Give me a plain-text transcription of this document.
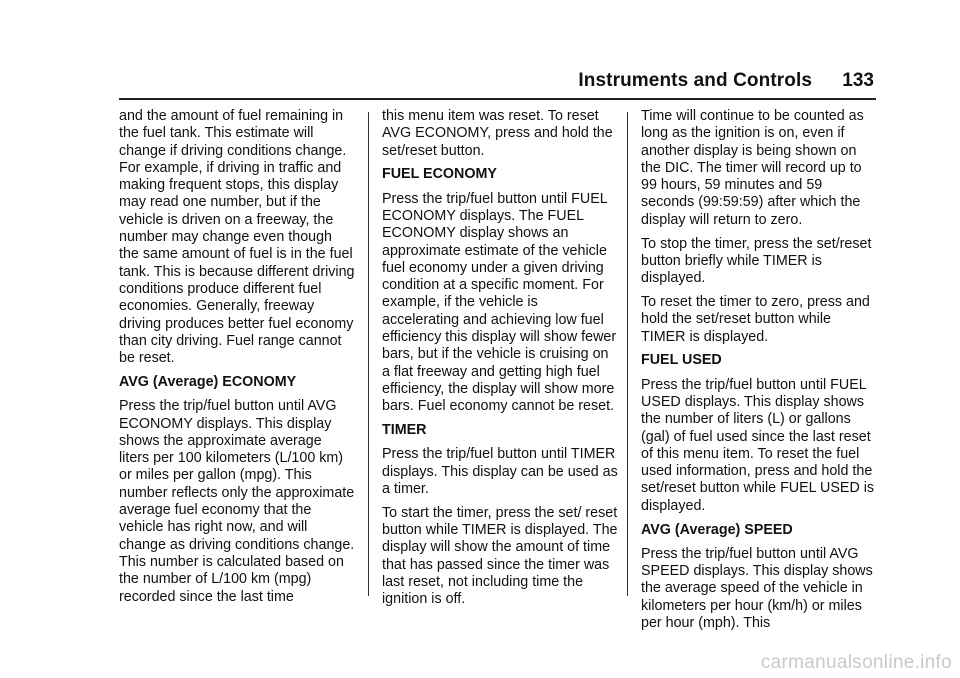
Instruments and Controls 133

and the amount of fuel remaining in the fuel tank. This estimate will change if driving conditions change. For example, if driving in traffic and making frequent stops, this display may read one number, but if the vehicle is driven on a freeway, the number may change even though the same amount of fuel is in the fuel tank. This is because different driving conditions produce different fuel economies. Generally, freeway driving produces better fuel economy than city driving. Fuel range cannot be reset.

AVG (Average) ECONOMY

Press the trip/fuel button until AVG ECONOMY displays. This display shows the approximate average liters per 100 kilometers (L/100 km) or miles per gallon (mpg). This number reflects only the approximate average fuel economy that the vehicle has right now, and will change as driving conditions change. This number is calculated based on the number of L/100 km (mpg) recorded since the last time

this menu item was reset. To reset AVG ECONOMY, press and hold the set/reset button.

FUEL ECONOMY

Press the trip/fuel button until FUEL ECONOMY displays. The FUEL ECONOMY display shows an approximate estimate of the vehicle fuel economy under a given driving condition at a specific moment. For example, if the vehicle is accelerating and achieving low fuel efficiency this display will show fewer bars, but if the vehicle is cruising on a flat freeway and getting high fuel efficiency, the display will show more bars. Fuel economy cannot be reset.

TIMER

Press the trip/fuel button until TIMER displays. This display can be used as a timer.

To start the timer, press the set/ reset button while TIMER is displayed. The display will show the amount of time that has passed since the timer was last reset, not including time the ignition is off.

Time will continue to be counted as long as the ignition is on, even if another display is being shown on the DIC. The timer will record up to 99 hours, 59 minutes and 59 seconds (99:59:59) after which the display will return to zero.

To stop the timer, press the set/reset button briefly while TIMER is displayed.

To reset the timer to zero, press and hold the set/reset button while TIMER is displayed.

FUEL USED

Press the trip/fuel button until FUEL USED displays. This display shows the number of liters (L) or gallons (gal) of fuel used since the last reset of this menu item. To reset the fuel used information, press and hold the set/reset button while FUEL USED is displayed.

AVG (Average) SPEED

Press the trip/fuel button until AVG SPEED displays. This display shows the average speed of the vehicle in kilometers per hour (km/h) or miles per hour (mph). This

carmanualsonline.info
